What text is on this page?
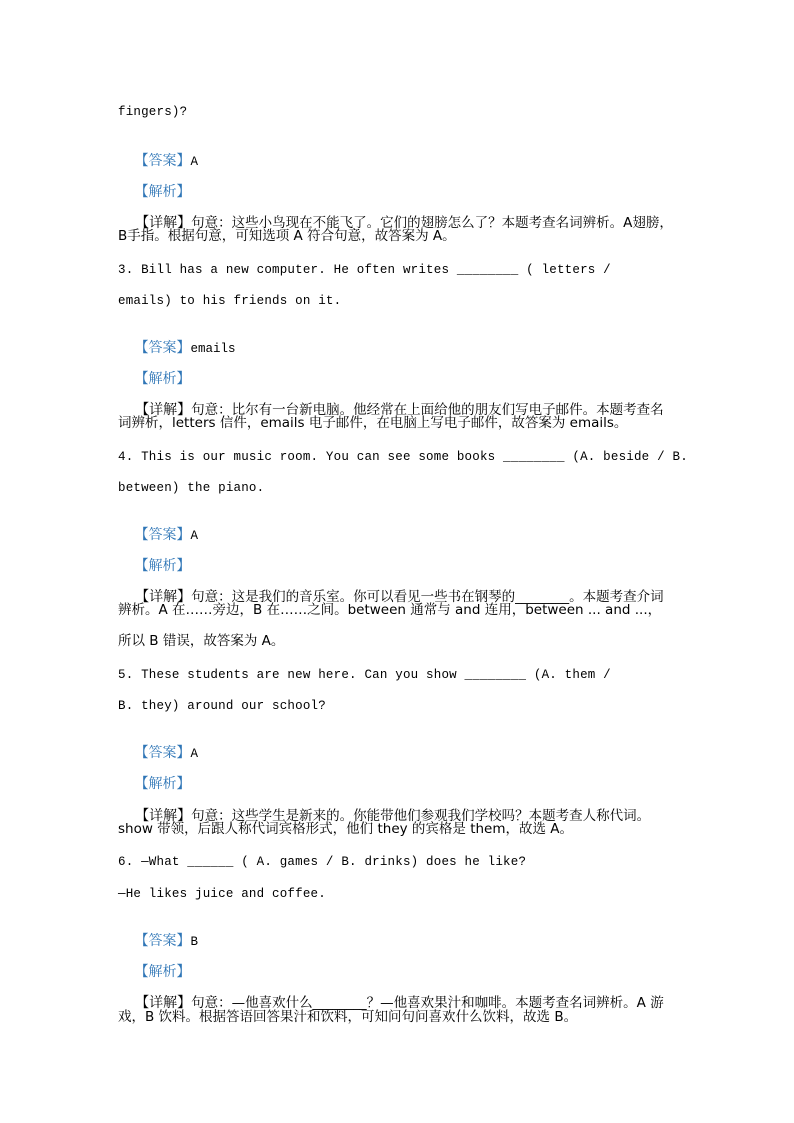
fingers)?

【答案】A

【解析】

【详解】句意：这些小鸟现在不能飞了。它们的翅膀怎么了？本题考查名词辨析。A翅膀，

B手指。根据句意，可知选项 A 符合句意，故答案为 A。
3. Bill has a new computer. He often writes ________ ( letters /
emails) to his friends on it.

【答案】emails

【解析】

【详解】句意：比尔有一台新电脑。他经常在上面给他的朋友们写电子邮件。本题考查名

词辨析，letters 信件，emails 电子邮件，在电脑上写电子邮件，故答案为 emails。
4. This is our music room. You can see some books ________ (A. beside / B.
between) the piano.

【答案】A

【解析】

【详解】句意：这是我们的音乐室。你可以看见一些书在钢琴的________。本题考查介词

辨析。A 在……旁边，B 在……之间。between 通常与 and 连用，between ... and ...，
所以 B 错误，故答案为 A。
5. These students are new here. Can you show ________ (A. them /
B. they) around our school?

【答案】A

【解析】

【详解】句意：这些学生是新来的。你能带他们参观我们学校吗？本题考查人称代词。

show 带领，后跟人称代词宾格形式，他们 they 的宾格是 them，故选 A。
6. —What ______ ( A. games / B. drinks) does he like?
—He likes juice and coffee.

【答案】B

【解析】

【详解】句意：—他喜欢什么________？—他喜欢果汁和咖啡。本题考查名词辨析。A 游

戏，B 饮料。根据答语回答果汁和饮料，可知问句问喜欢什么饮料，故选 B。
